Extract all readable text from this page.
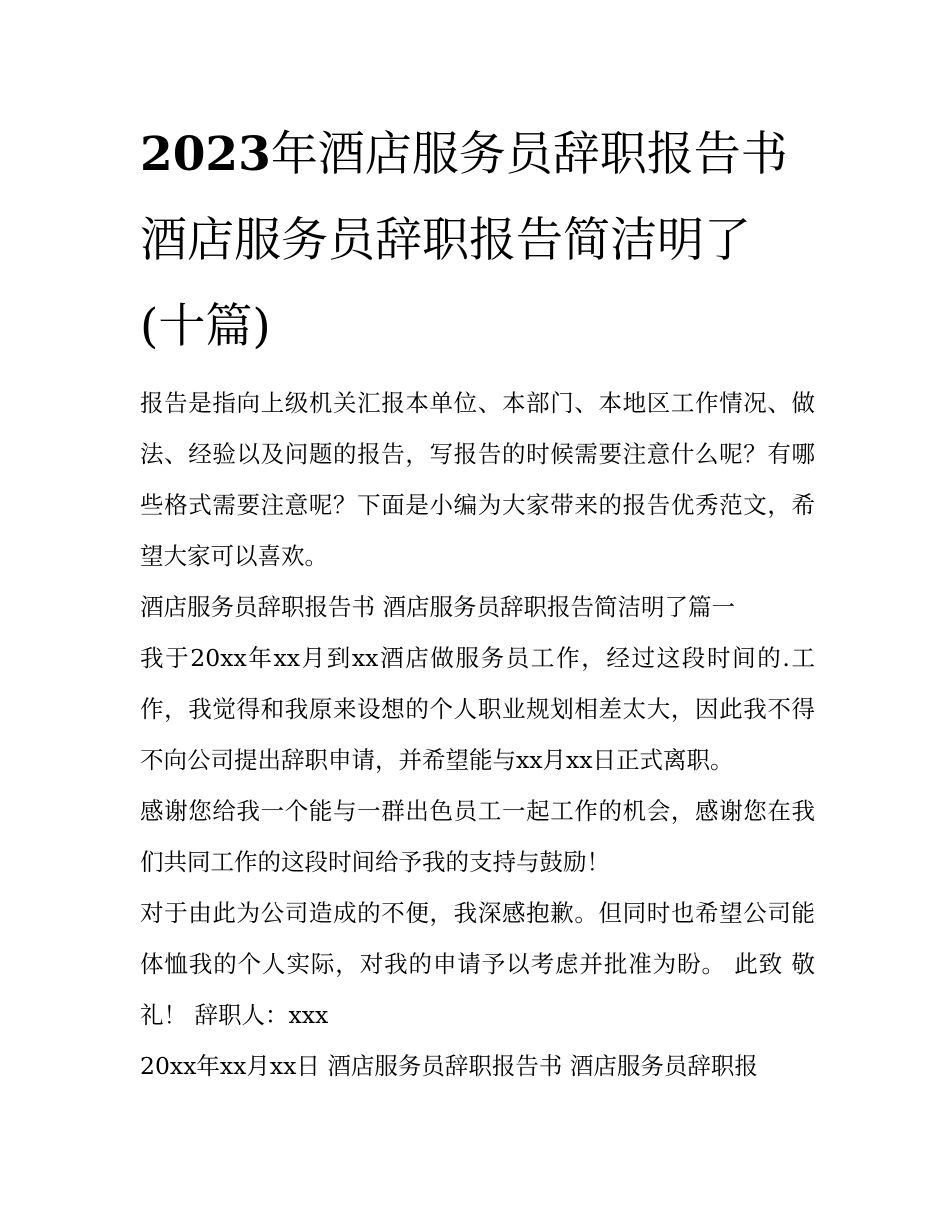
2023年酒店服务员辞职报告书 酒店服务员辞职报告简洁明了(十篇)

报告是指向上级机关汇报本单位、本部门、本地区工作情况、做法、经验以及问题的报告，写报告的时候需要注意什么呢？有哪些格式需要注意呢？下面是小编为大家带来的报告优秀范文，希望大家可以喜欢。

酒店服务员辞职报告书 酒店服务员辞职报告简洁明了篇一

我于20xx年xx月到xx酒店做服务员工作，经过这段时间的.工作，我觉得和我原来设想的个人职业规划相差太大，因此我不得不向公司提出辞职申请，并希望能与xx月xx日正式离职。

感谢您给我一个能与一群出色员工一起工作的机会，感谢您在我们共同工作的这段时间给予我的支持与鼓励！

对于由此为公司造成的不便，我深感抱歉。但同时也希望公司能体恤我的个人实际，对我的申请予以考虑并批准为盼。 此致 敬礼！ 辞职人：xxx

20xx年xx月xx日 酒店服务员辞职报告书 酒店服务员辞职报
